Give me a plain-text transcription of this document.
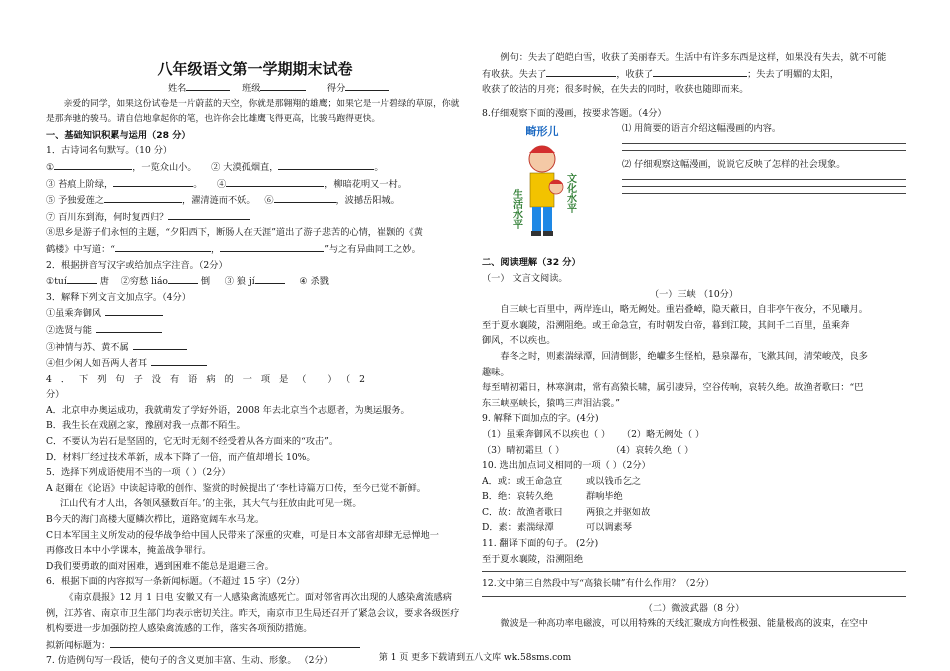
八年级语文第一学期期末试卷
姓名	班级	得分
亲爱的同学，如果这份试卷是一片蔚蓝的天空，你就是那翱翔的雄鹰；如果它是一片碧绿的草原，你就是那奔驰的骏马。请自信地拿起你的笔，也许你会比雄鹰飞得更高，比骏马跑得更快。
一、基础知识积累与运用（28 分）
1．古诗词名句默写。（10 分）
①	，一览众山小。 ② 大漠孤烟直，	。
③ 苔痕上阶绿，	。 ④	，柳暗花明又一村。
⑤ 予独爱莲之	，濯清涟而不妖。 ⑥	，波撼岳阳城。
⑦ 百川东到海，何时复西归？
⑧思乡是游子们永恒的主题，“夕阳西下，断肠人在天涯”道出了游子悲苦的心情，崔颢的《黄
鹤楼》中写道：“	，	”与之有异曲同工之妙。
2．根据拼音写汉字或给加点字注音。（2分）
①tuí	唐 ②穷愁 liáo	倒 ③ 狼 jí	④ 杀戮
3．解释下列文言文加点字。（4分）
①虽乘奔御风
②选贤与能
③神情与苏、黄不属
④但少闲人如吾两人者耳
4．下列句子没有语病的一项是（ ）（2
分）
A．北京申办奥运成功，我就萌发了学好外语，2008 年去北京当个志愿者，为奥运服务。
B．我生长在戏剧之家，豫剧对我一点都不陌生。
C．不要认为岩石是坚固的，它无时无刻不经受着从各方面来的“攻击”。
D．材料厂经过技术革新，成本下降了一倍，而产值却增长 10%。
5．选择下列成语使用不当的一项（ ）（2分）
A 赵爾在《论语》中读起诗歌的创作、鉴赏的时候提出了‘李杜诗篇万口传，至今已觉不新鲜。
江山代有才人出，各领风骚数百年。’的主张，其大气与狂放由此可见一斑。
B今天的海门高楼大厦鳞次栉比，道路宽阔车水马龙。
C日本军国主义所发动的侵华战争给中国人民带来了深重的灾难，可是日本文部省却肆无忌惮地一
再修改日本中小学课本，掩盖战争罪行。
D我们要勇敢的面对困难，遇到困难不能总是退避三舍。
6．根据下面的内容拟写一条新闻标题。（不超过 15 字）（2分）
《南京晨报》12 月 1 日电 安徽又有一人感染禽流感死亡。面对邻省再次出现的人感染禽流感病例，江苏省、南京市卫生部门均表示密切关注。昨天，南京市卫生局还召开了紧急会议，要求各级医疗机构要进一步加强防控人感染禽流感的工作，落实各项预防措施。
拟新闻标题为：
7. 仿造例句写一段话，使句子的含义更加丰富、生动、形象。 （2分）
例句：失去了皑皑白雪，收获了美丽春天。生活中有许多东西是这样，如果没有失去，就不可能
有收获。失去了	，收获了	；失去了明媚的太阳，
收获了皎洁的月亮；很多时候，在失去的同时，收获也随即而来。
8.仔细观察下面的漫画，按要求答题。（4分）
畸形儿
生活水平	文化水平
⑴ 用简要的语言介绍这幅漫画的内容。
⑵ 仔细观察这幅漫画，说说它反映了怎样的社会现象。
二、阅读理解（32 分）
（一） 文言文阅读。
（一）三峡 （10分）
自三峡七百里中，两岸连山，略无阙处。重岩叠嶂，隐天蔽日，自非亭午夜分，不见曦月。
至于夏水襄陵，沿溯阻绝。或王命急宣，有时朝发白帝，暮到江陵，其间千二百里，虽乘奔
御风，不以疾也。
春冬之时，则素湍绿潭，回清倒影，绝巘多生怪柏，悬泉瀑布，飞漱其间，清荣峻茂，良多
趣味。
每至晴初霜日，林寒涧肃，常有高猿长啸，属引凄异，空谷传响，哀转久绝。故渔者歌曰：“巴
东三峡巫峡长，猿鸣三声泪沾裳。”
9. 解释下面加点的字。(4分)
（1）虽乘奔御风不以疾也（ ） （2）略无阙处（ ）
（3）晴初霜旦（ ）	（4）哀转久绝（ ）
10. 选出加点词义相同的一项（ ）（2分）
A．或：或王命急宣	或以钱币乞之
B．绝：哀转久绝	群响毕绝
C．故：故渔者歌曰	两狼之并驱如故
D．素：素湍绿潭	可以调素琴
11. 翻译下面的句子。 (2分)
至于夏水襄陵，沿溯阻绝
12.文中第三自然段中写“高猿长啸”有什么作用？（2分）
（二）微波武器（8 分）
微波是一种高功率电磁波，可以用特殊的天线汇聚成方向性极强、能量极高的波束，在空中
第 1 页 更多下载请到五八文库 wk.58sms.com
